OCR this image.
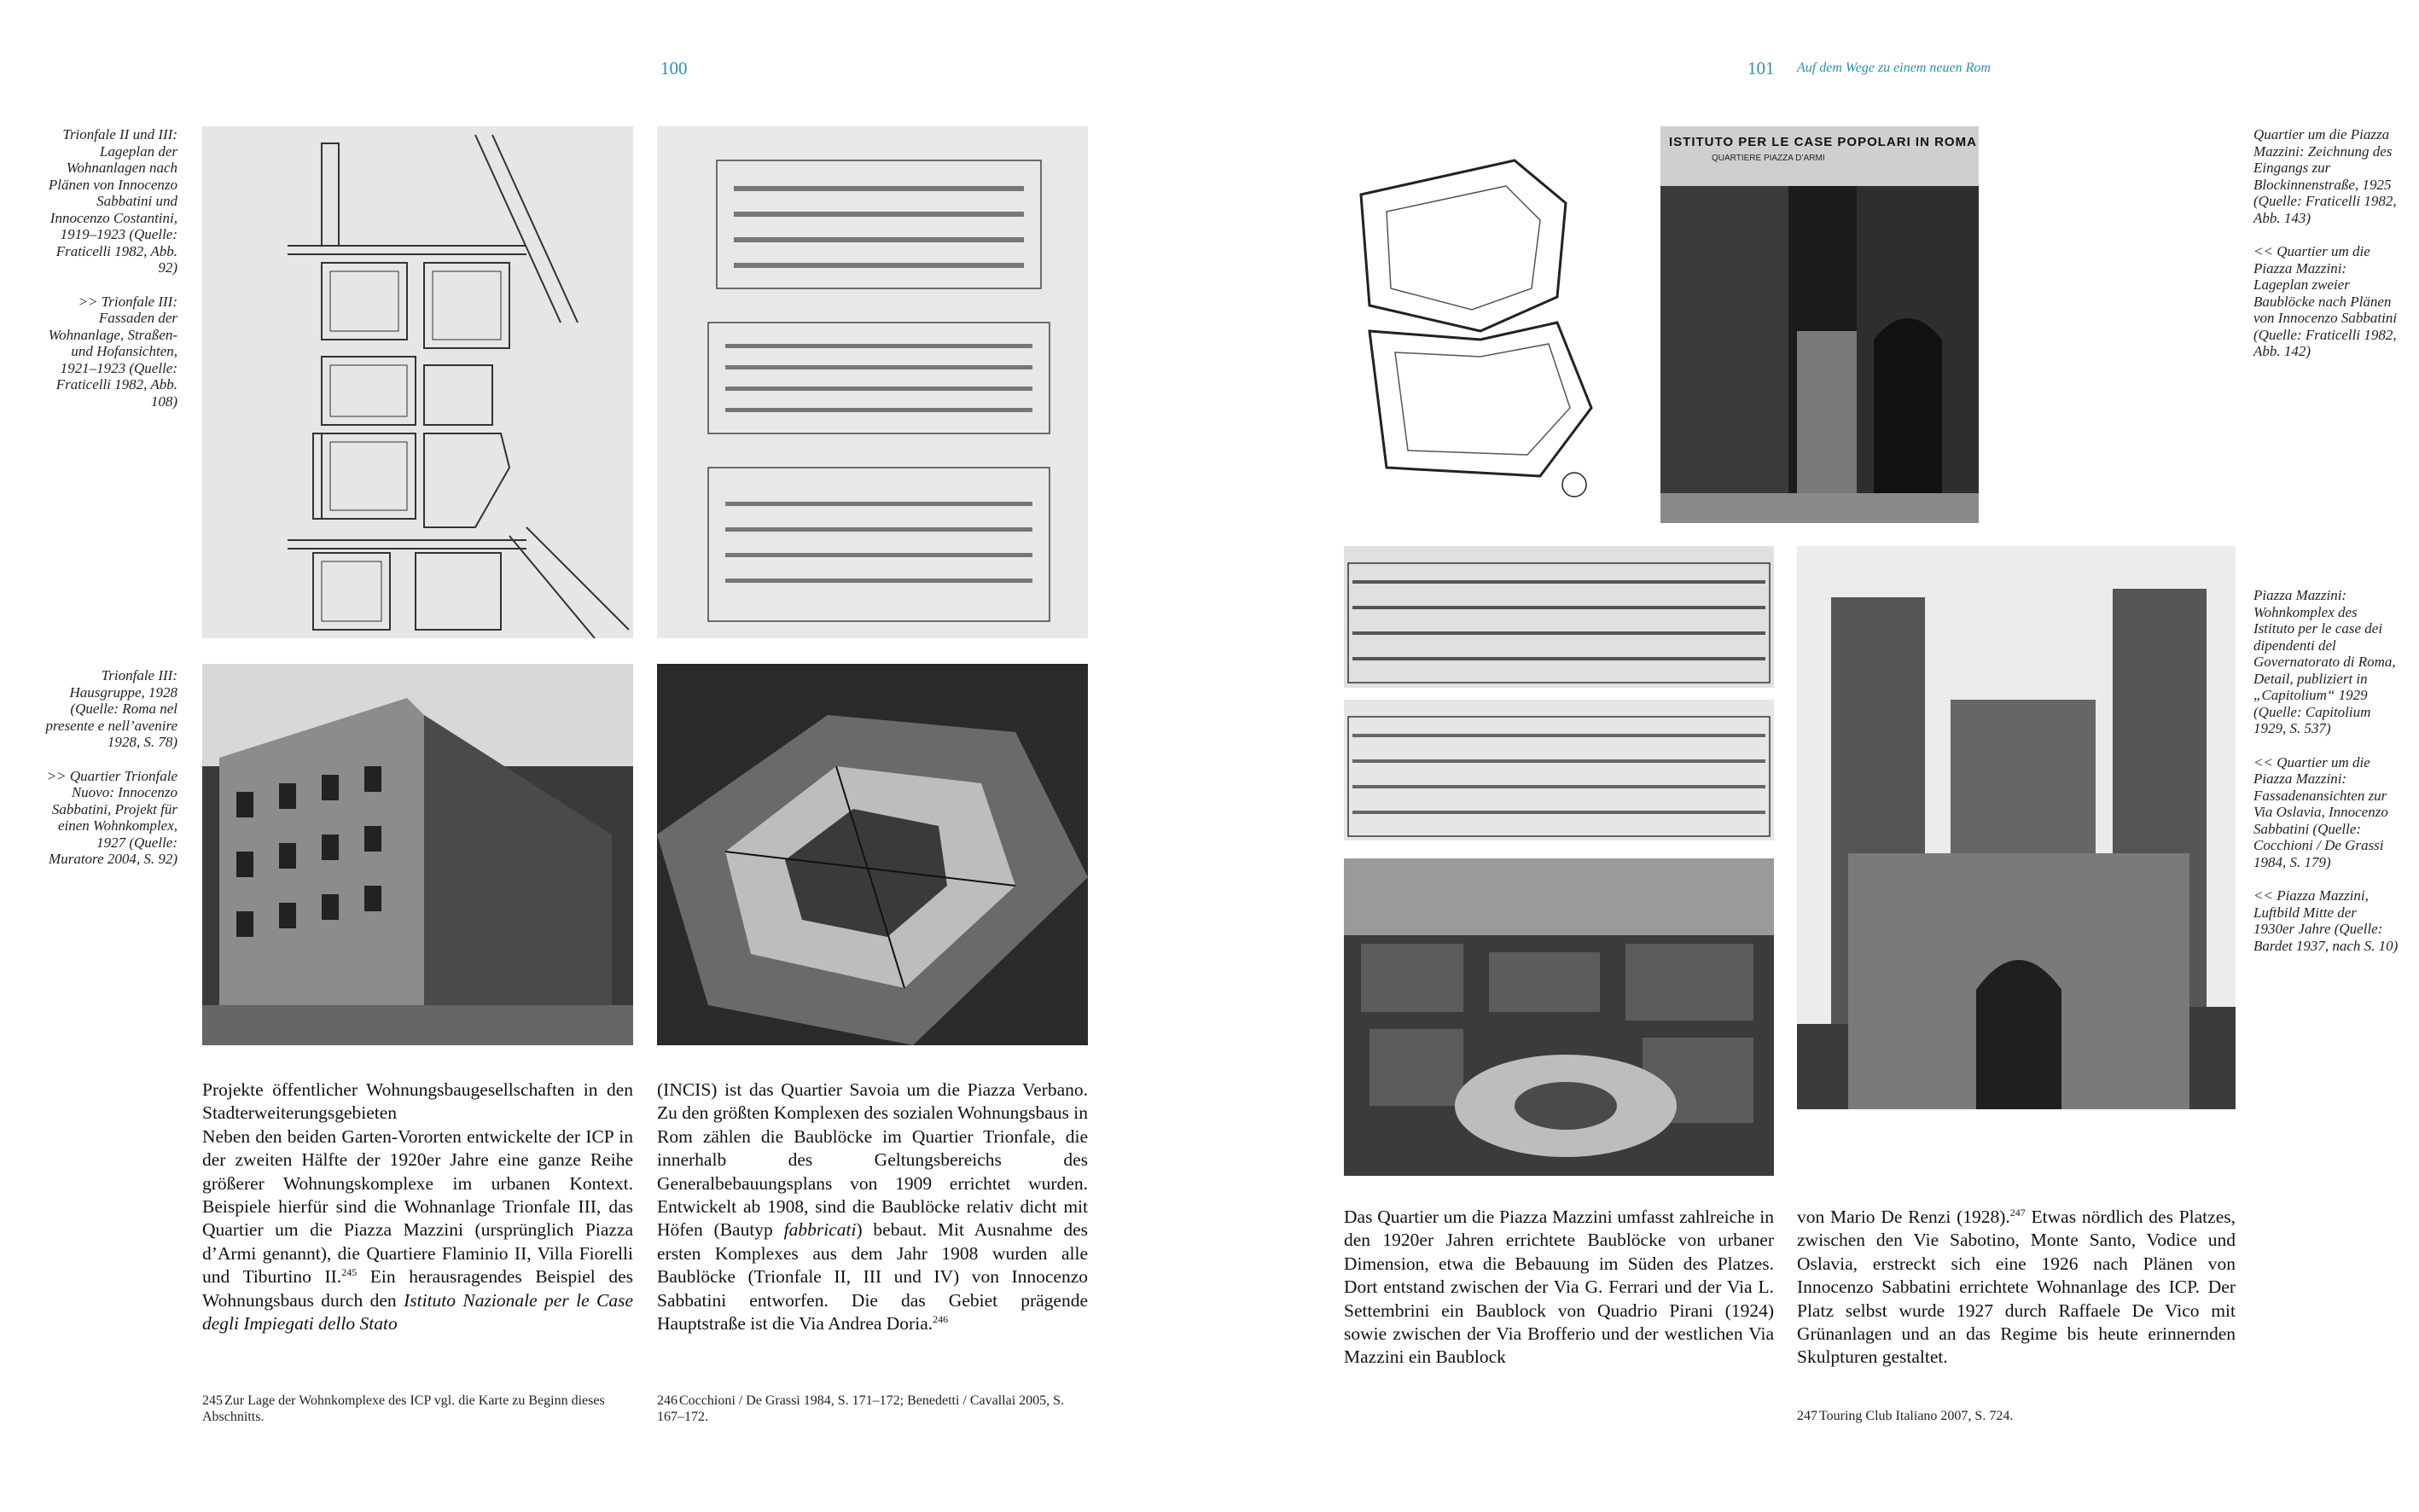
100

Trionfale II und III: Lageplan der Wohnanlagen nach Plänen von Innocenzo Sabbatini und Innocenzo Costantini, 1919–1923 (Quelle: Fraticelli 1982, Abb. 92)

>> Trionfale III: Fassaden der Wohnanlage, Straßen- und Hofansichten, 1921–1923 (Quelle: Fraticelli 1982, Abb. 108)

Trionfale III: Hausgruppe, 1928 (Quelle: Roma nel presente e nell’avenire 1928, S. 78)

>> Quartier Trionfale Nuovo: Innocenzo Sabbatini, Projekt für einen Wohnkomplex, 1927 (Quelle: Muratore 2004, S. 92)

Projekte öffentlicher Wohnungsbaugesellschaften in den Stadterweiterungsgebieten

Neben den beiden Garten-Vororten entwickelte der ICP in der zweiten Hälfte der 1920er Jahre eine ganze Reihe größerer Wohnungskomplexe im urbanen Kontext. Beispiele hierfür sind die Wohnanlage Trionfale III, das Quartier um die Piazza Mazzini (ursprünglich Piazza d’Armi genannt), die Quartiere Flaminio II, Villa Fiorelli und Tiburtino II.$^{245}$ Ein herausragendes Beispiel des Wohnungsbaus durch den Istituto Nazionale per le Case degli Impiegati dello Stato

(INCIS) ist das Quartier Savoia um die Piazza Verbano. Zu den größten Komplexen des sozialen Wohnungsbaus in Rom zählen die Baublöcke im Quartier Trionfale, die innerhalb des Geltungsbereichs des Generalbebauungsplans von 1909 errichtet wurden. Entwickelt ab 1908, sind die Baublöcke relativ dicht mit Höfen (Bautyp fabbricati) bebaut. Mit Ausnahme des ersten Komplexes aus dem Jahr 1908 wurden alle Baublöcke (Trionfale II, III und IV) von Innocenzo Sabbatini entworfen. Die das Gebiet prägende Hauptstraße ist die Via Andrea Doria.$^{246}$

245 Zur Lage der Wohnkomplexe des ICP vgl. die Karte zu Beginn dieses Abschnitts.
246 Cocchioni / De Grassi 1984, S. 171–172; Benedetti / Cavallai 2005, S. 167–172.
101 Auf dem Wege zu einem neuen Rom
ISTITUTO PER LE CASE POPOLARI IN ROMA
QUARTIERE PIAZZA D’ARMI

Quartier um die Piazza Mazzini: Zeichnung des Eingangs zur Blockinnenstraße, 1925 (Quelle: Fraticelli 1982, Abb. 143)

<< Quartier um die Piazza Mazzini: Lageplan zweier Baublöcke nach Plänen von Innocenzo Sabbatini (Quelle: Fraticelli 1982, Abb. 142)

Piazza Mazzini: Wohnkomplex des Istituto per le case dei dipendenti del Governatorato di Roma, Detail, publiziert in „Capitolium“ 1929 (Quelle: Capitolium 1929, S. 537)

<< Quartier um die Piazza Mazzini: Fassadenansichten zur Via Oslavia, Innocenzo Sabbatini (Quelle: Cocchioni / De Grassi 1984, S. 179)

<< Piazza Mazzini, Luftbild Mitte der 1930er Jahre (Quelle: Bardet 1937, nach S. 10)

Das Quartier um die Piazza Mazzini umfasst zahlreiche in den 1920er Jahren errichtete Baublöcke von urbaner Dimension, etwa die Bebauung im Süden des Platzes. Dort entstand zwischen der Via G. Ferrari und der Via L. Settembrini ein Baublock von Quadrio Pirani (1924) sowie zwischen der Via Brofferio und der westlichen Via Mazzini ein Baublock

von Mario De Renzi (1928).$^{247}$ Etwas nördlich des Platzes, zwischen den Vie Sabotino, Monte Santo, Vodice und Oslavia, erstreckt sich eine 1926 nach Plänen von Innocenzo Sabbatini errichtete Wohnanlage des ICP. Der Platz selbst wurde 1927 durch Raffaele De Vico mit Grünanlagen und an das Regime bis heute erinnernden Skulpturen gestaltet.

247 Touring Club Italiano 2007, S. 724.
